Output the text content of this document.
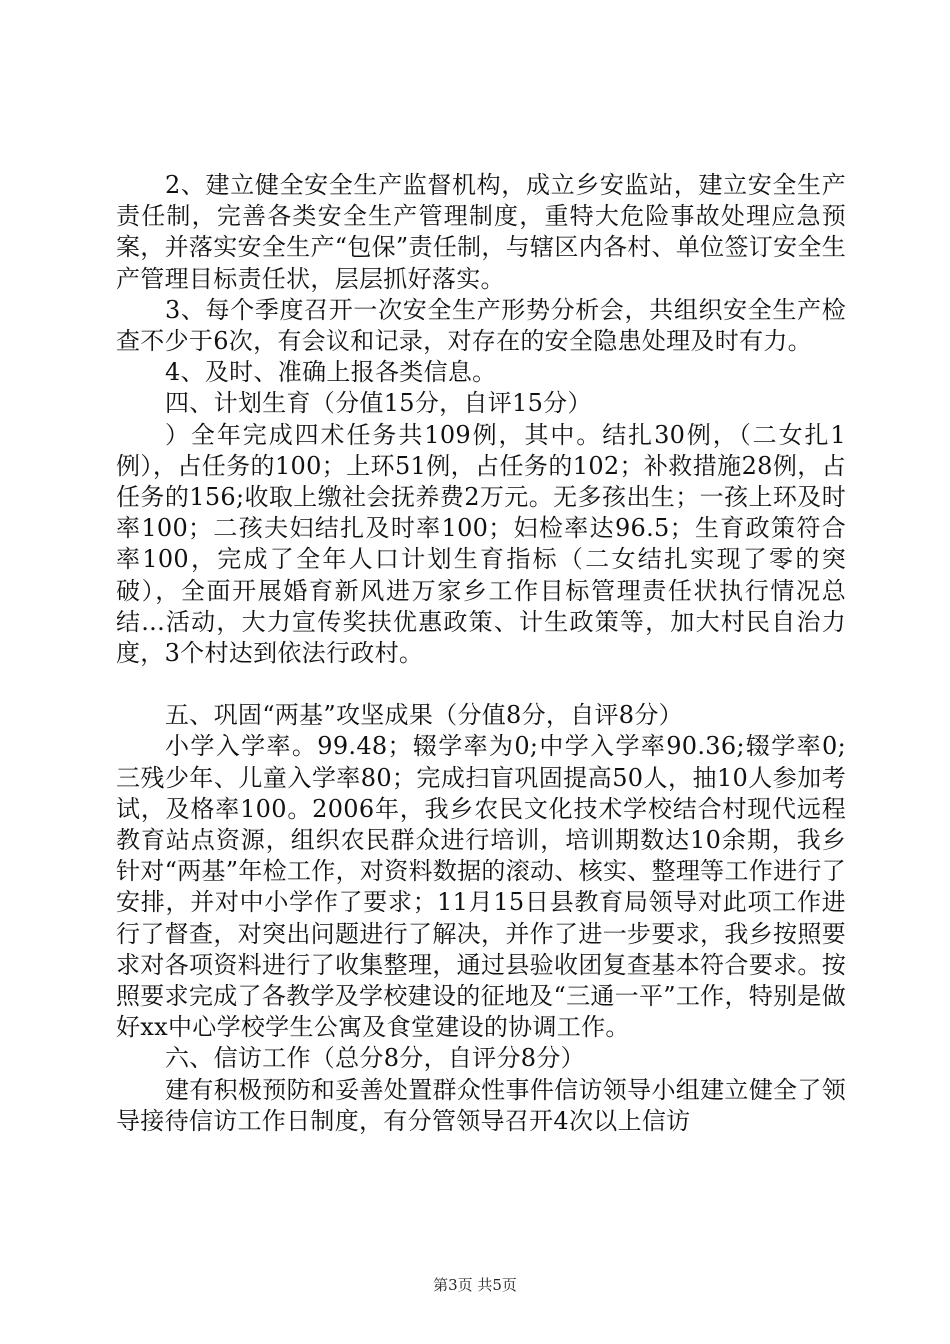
2、建立健全安全生产监督机构，成立乡安监站，建立安全生产责任制，完善各类安全生产管理制度，重特大危险事故处理应急预案，并落实安全生产“包保”责任制，与辖区内各村、单位签订安全生产管理目标责任状，层层抓好落实。

3、每个季度召开一次安全生产形势分析会，共组织安全生产检查不少于6次，有会议和记录，对存在的安全隐患处理及时有力。

4、及时、准确上报各类信息。

四、计划生育（分值15分，自评15分）

）全年完成四术任务共109例，其中。结扎30例，（二女扎1例），占任务的100；上环51例，占任务的102；补救措施28例，占任务的156;收取上缴社会抚养费2万元。无多孩出生；一孩上环及时率100；二孩夫妇结扎及时率100；妇检率达96.5；生育政策符合率100，完成了全年人口计划生育指标（二女结扎实现了零的突破），全面开展婚育新风进万家乡工作目标管理责任状执行情况总结...活动，大力宣传奖扶优惠政策、计生政策等，加大村民自治力度，3个村达到依法行政村。

五、巩固“两基”攻坚成果（分值8分，自评8分）

小学入学率。99.48；辍学率为0;中学入学率90.36;辍学率0;三残少年、儿童入学率80；完成扫盲巩固提高50人，抽10人参加考试，及格率100。2006年，我乡农民文化技术学校结合村现代远程教育站点资源，组织农民群众进行培训，培训期数达10余期，我乡针对“两基”年检工作，对资料数据的滚动、核实、整理等工作进行了安排，并对中小学作了要求；11月15日县教育局领导对此项工作进行了督查，对突出问题进行了解决，并作了进一步要求，我乡按照要求对各项资料进行了收集整理，通过县验收团复查基本符合要求。按照要求完成了各教学及学校建设的征地及“三通一平”工作，特别是做好xx中心学校学生公寓及食堂建设的协调工作。

六、信访工作（总分8分，自评分8分）

建有积极预防和妥善处置群众性事件信访领导小组建立健全了领导接待信访工作日制度，有分管领导召开4次以上信访

第3页 共5页
